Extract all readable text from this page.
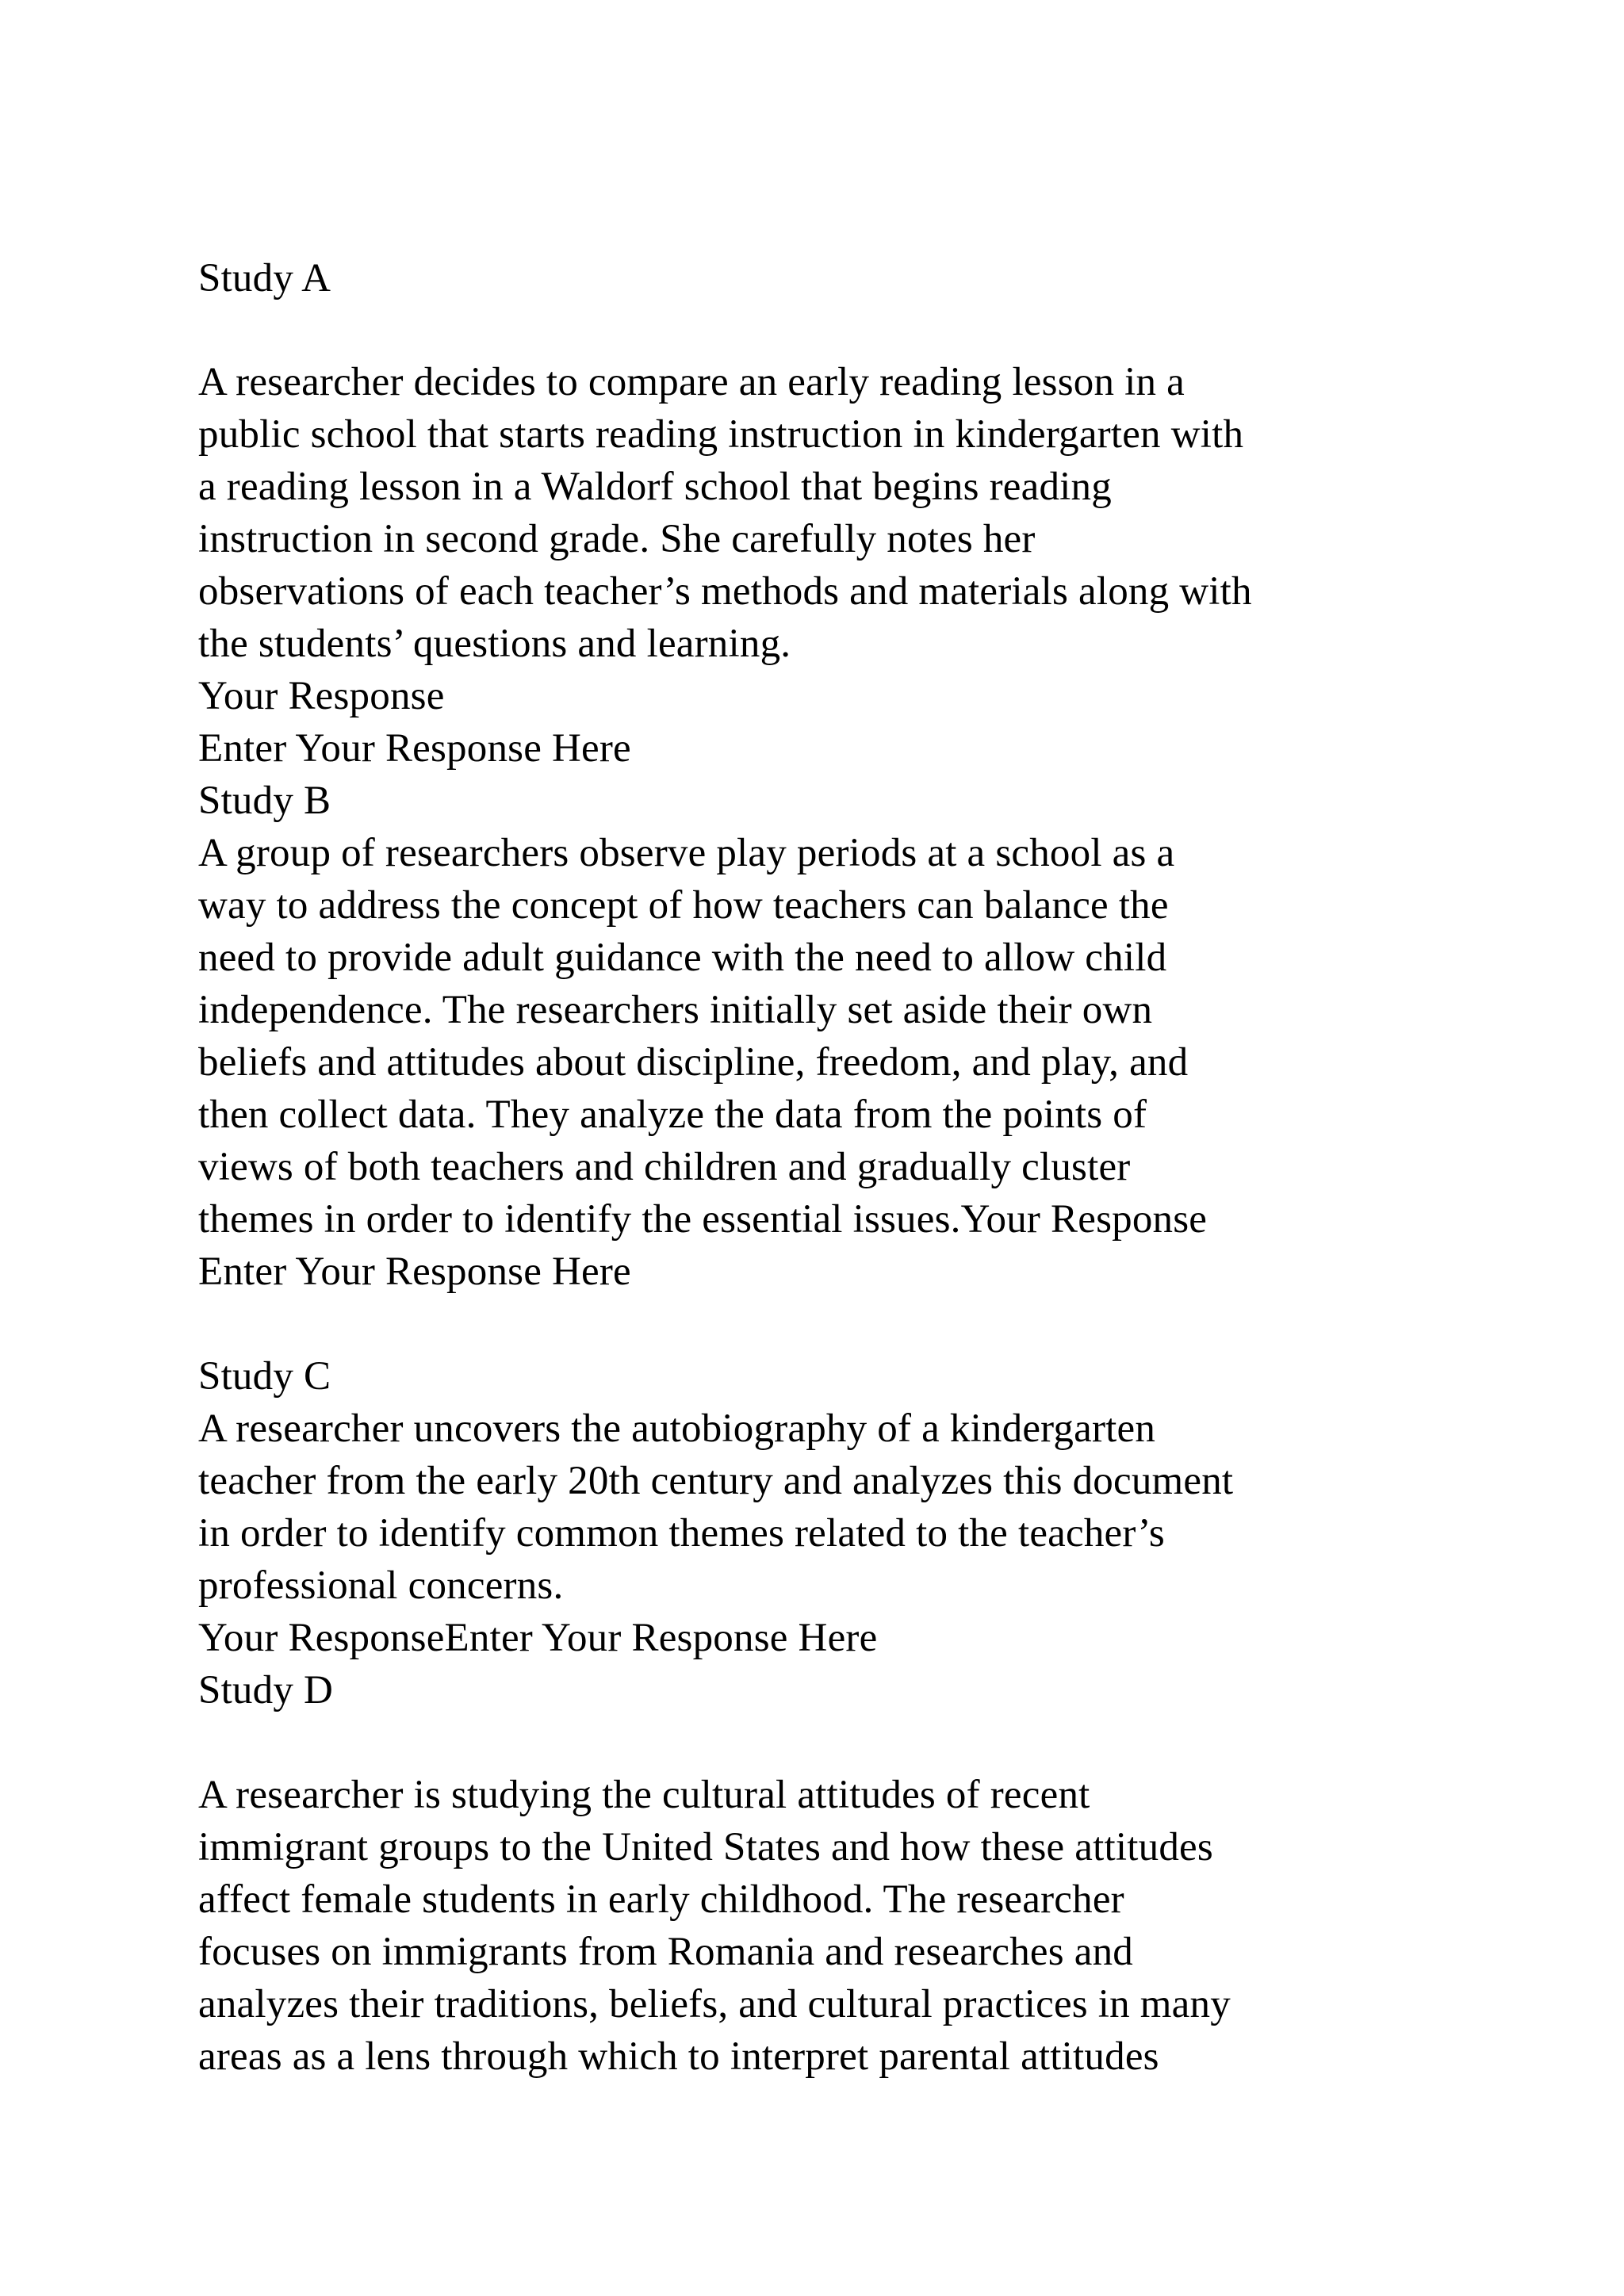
Study A

A researcher decides to compare an early reading lesson in a

public school that starts reading instruction in kindergarten with

a reading lesson in a Waldorf school that begins reading

instruction in second grade. She carefully notes her

observations of each teacher’s methods and materials along with

the students’ questions and learning.

Your Response

Enter Your Response Here

Study B

A group of researchers observe play periods at a school as a

way to address the concept of how teachers can balance the

need to provide adult guidance with the need to allow child

independence. The researchers initially set aside their own

beliefs and attitudes about discipline, freedom, and play, and

then collect data. They analyze the data from the points of

views of both teachers and children and gradually cluster

themes in order to identify the essential issues.Your Response

Enter Your Response Here

Study C

A researcher uncovers the autobiography of a kindergarten

teacher from the early 20th century and analyzes this document

in order to identify common themes related to the teacher’s

professional concerns.

Your ResponseEnter Your Response Here

Study D

A researcher is studying the cultural attitudes of recent

immigrant groups to the United States and how these attitudes

affect female students in early childhood. The researcher

focuses on immigrants from Romania and researches and

analyzes their traditions, beliefs, and cultural practices in many

areas as a lens through which to interpret parental attitudes
